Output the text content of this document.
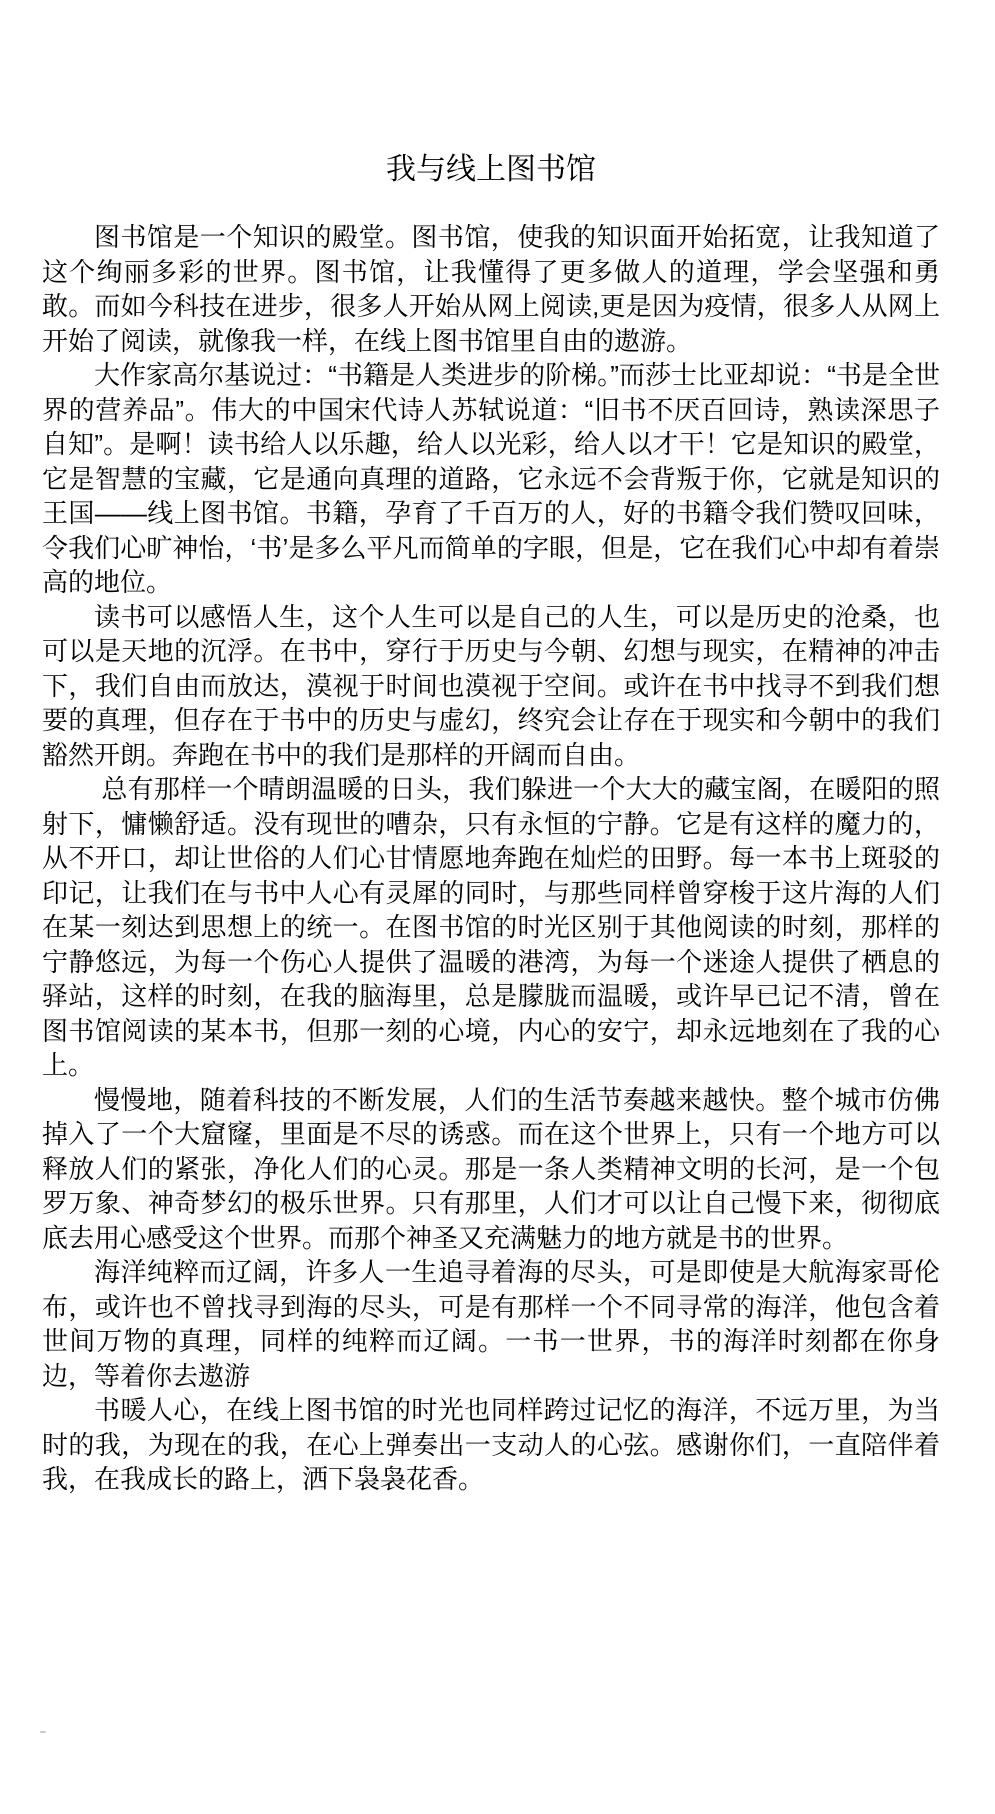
我与线上图书馆

图书馆是一个知识的殿堂。图书馆，使我的知识面开始拓宽，让我知道了这个绚丽多彩的世界。图书馆，让我懂得了更多做人的道理，学会坚强和勇敢。而如今科技在进步，很多人开始从网上阅读,更是因为疫情，很多人从网上开始了阅读，就像我一样，在线上图书馆里自由的遨游。

大作家高尔基说过：“书籍是人类进步的阶梯。”而莎士比亚却说：“书是全世界的营养品”。伟大的中国宋代诗人苏轼说道：“旧书不厌百回诗，熟读深思子自知”。是啊！读书给人以乐趣，给人以光彩，给人以才干！它是知识的殿堂，它是智慧的宝藏，它是通向真理的道路，它永远不会背叛于你，它就是知识的王国——线上图书馆。书籍，孕育了千百万的人，好的书籍令我们赞叹回味，令我们心旷神怡，‘书’是多么平凡而简单的字眼，但是，它在我们心中却有着崇高的地位。

读书可以感悟人生，这个人生可以是自己的人生，可以是历史的沧桑，也可以是天地的沉浮。在书中，穿行于历史与今朝、幻想与现实，在精神的冲击下，我们自由而放达，漠视于时间也漠视于空间。或许在书中找寻不到我们想要的真理，但存在于书中的历史与虚幻，终究会让存在于现实和今朝中的我们豁然开朗。奔跑在书中的我们是那样的开阔而自由。

总有那样一个晴朗温暖的日头，我们躲进一个大大的藏宝阁，在暖阳的照射下，慵懒舒适。没有现世的嘈杂，只有永恒的宁静。它是有这样的魔力的，从不开口，却让世俗的人们心甘情愿地奔跑在灿烂的田野。每一本书上斑驳的印记，让我们在与书中人心有灵犀的同时，与那些同样曾穿梭于这片海的人们在某一刻达到思想上的统一。在图书馆的时光区别于其他阅读的时刻，那样的宁静悠远，为每一个伤心人提供了温暖的港湾，为每一个迷途人提供了栖息的驿站，这样的时刻，在我的脑海里，总是朦胧而温暖，或许早已记不清，曾在图书馆阅读的某本书，但那一刻的心境，内心的安宁，却永远地刻在了我的心上。

慢慢地，随着科技的不断发展，人们的生活节奏越来越快。整个城市仿佛掉入了一个大窟窿，里面是不尽的诱惑。而在这个世界上，只有一个地方可以释放人们的紧张，净化人们的心灵。那是一条人类精神文明的长河，是一个包罗万象、神奇梦幻的极乐世界。只有那里，人们才可以让自己慢下来，彻彻底底去用心感受这个世界。而那个神圣又充满魅力的地方就是书的世界。

海洋纯粹而辽阔，许多人一生追寻着海的尽头，可是即使是大航海家哥伦布，或许也不曾找寻到海的尽头，可是有那样一个不同寻常的海洋，他包含着世间万物的真理，同样的纯粹而辽阔。一书一世界，书的海洋时刻都在你身边，等着你去遨游

书暖人心，在线上图书馆的时光也同样跨过记忆的海洋，不远万里，为当时的我，为现在的我，在心上弹奏出一支动人的心弦。感谢你们，一直陪伴着我，在我成长的路上，洒下袅袅花香。
